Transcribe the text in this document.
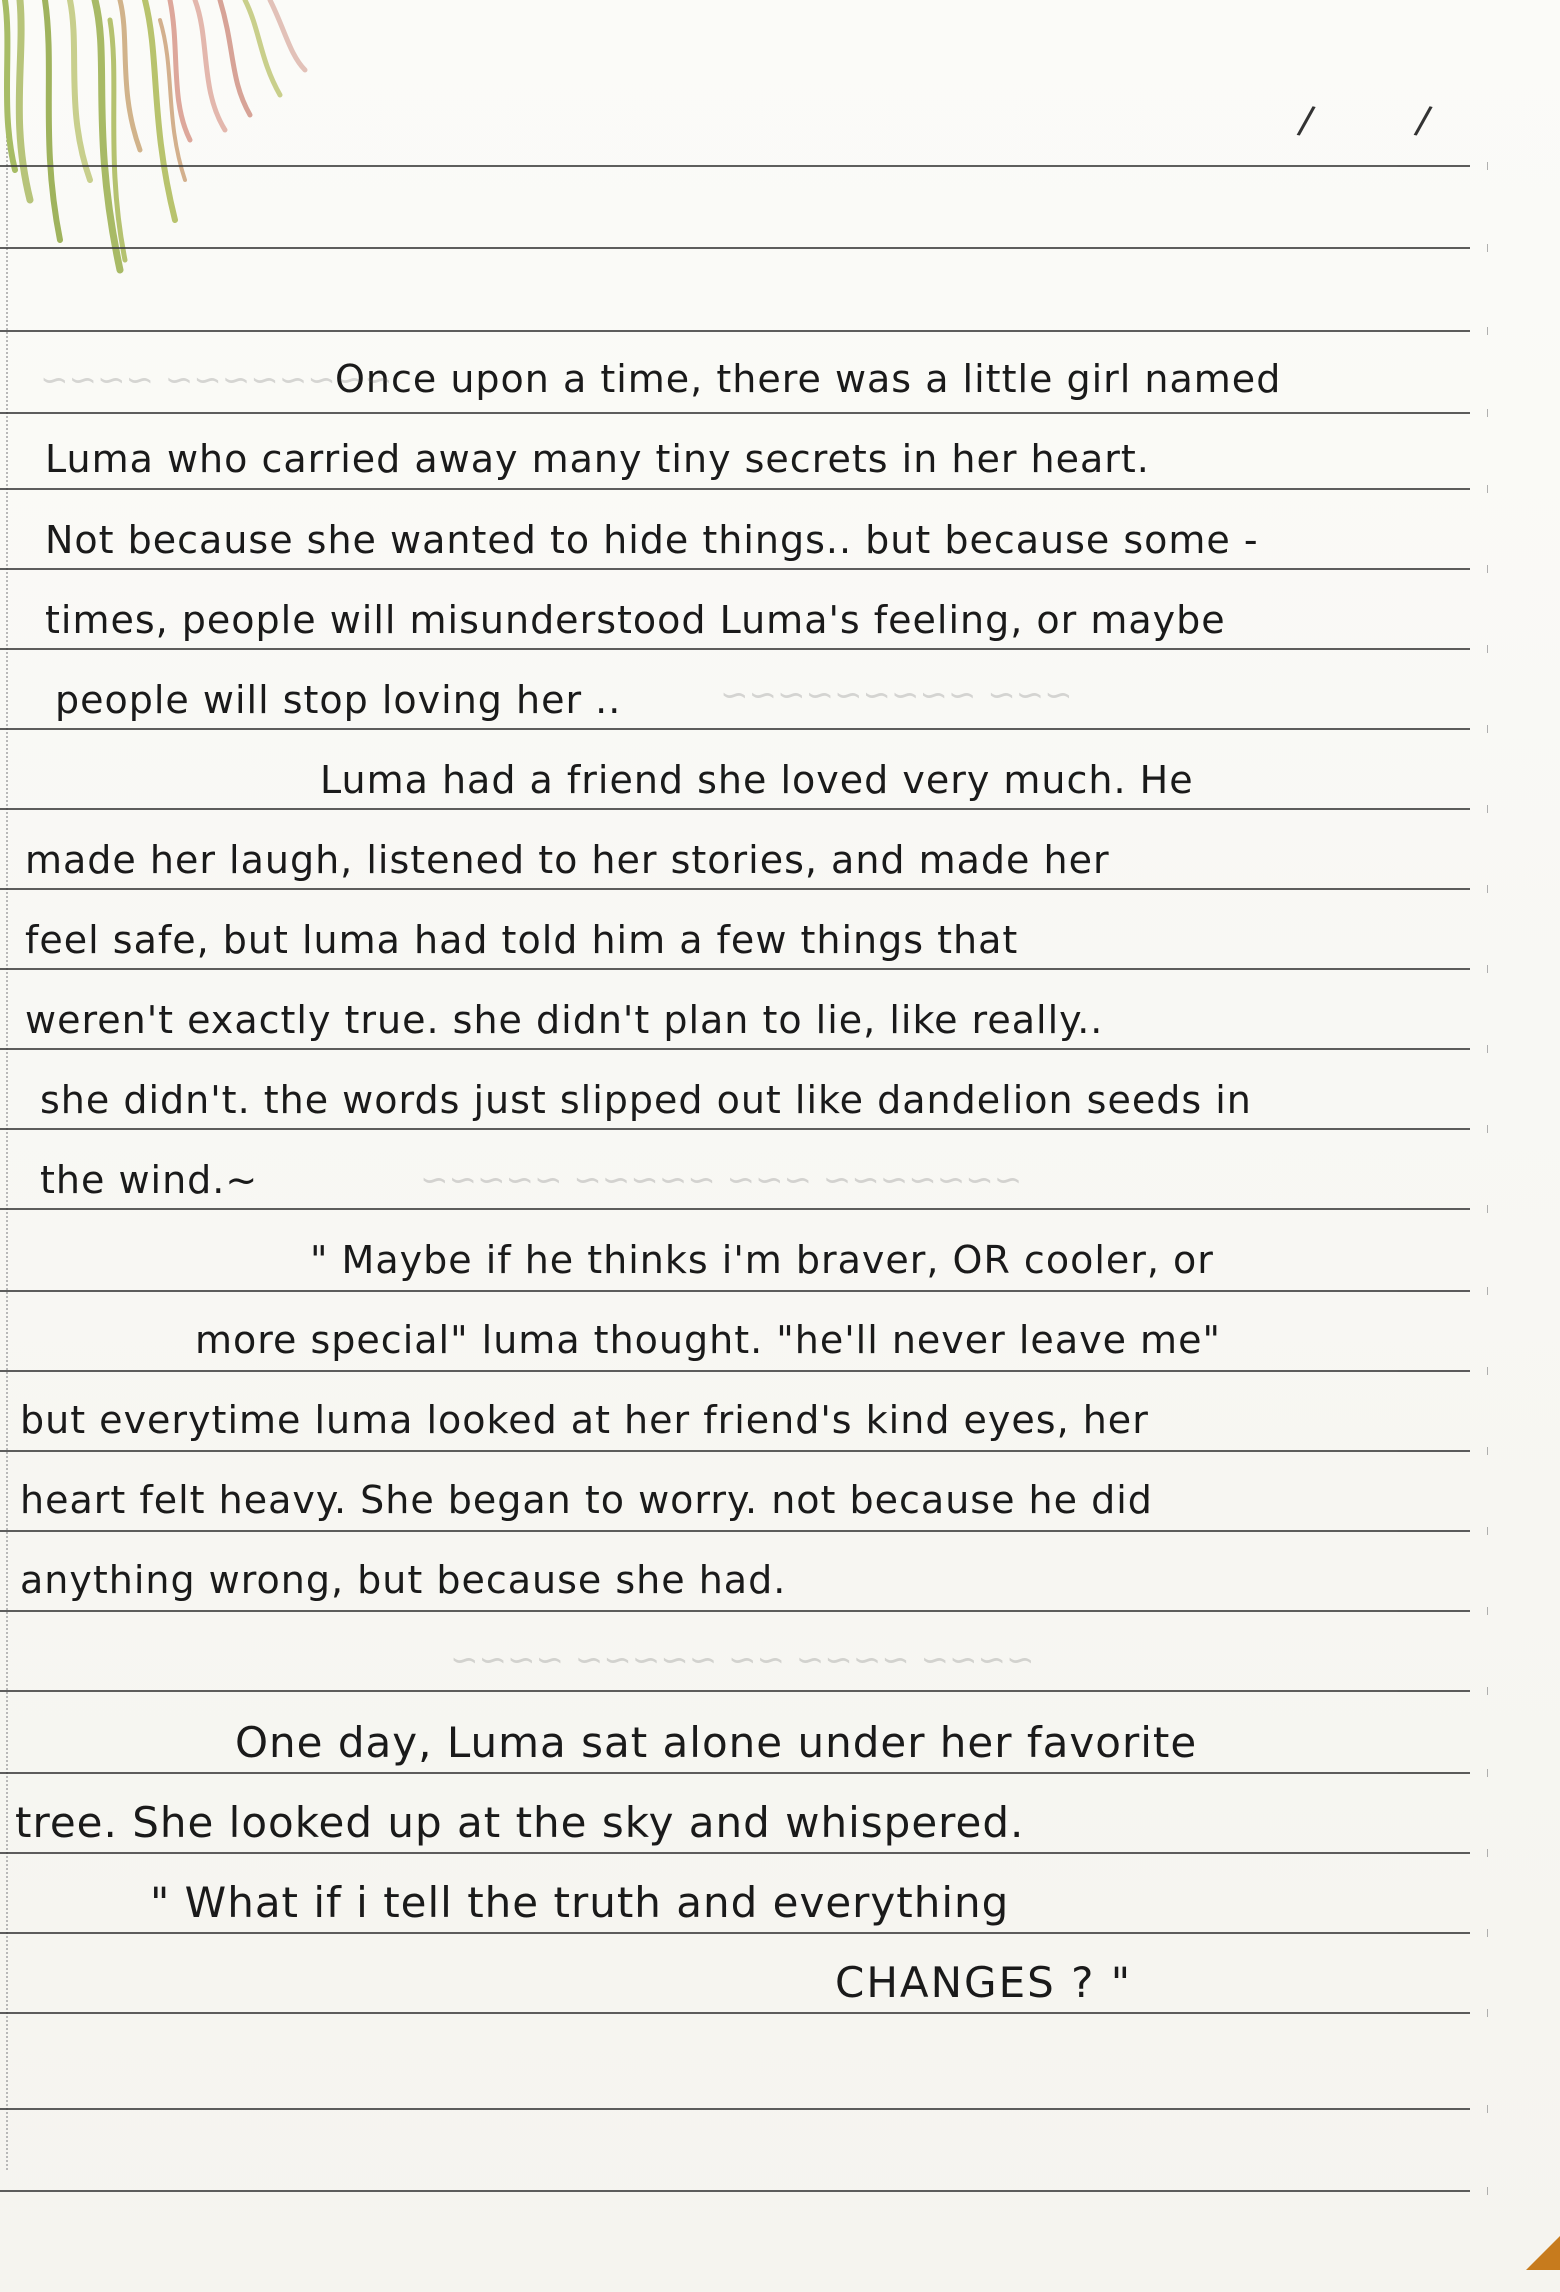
/	/
Once upon a time, there was a little girl named
Luma who carried away many tiny secrets in her heart.
Not because she wanted to hide things.. but because some -
times, people will misunderstood Luma's feeling, or maybe
people will stop loving her ..
Luma had a friend she loved very much. He
made her laugh, listened to her stories, and made her
feel safe, but luma had told him a few things that
weren't exactly true. she didn't plan to lie, like really..
she didn't. the words just slipped out like dandelion seeds in
the wind.~
" Maybe if he thinks i'm braver, OR cooler, or
more special" luma thought. "he'll never leave me"
but everytime luma looked at her friend's kind eyes, her
heart felt heavy. She began to worry. not because he did
anything wrong, but because she had.
One day, Luma sat alone under her favorite
tree. She looked up at the sky and whispered.
" What if i tell the truth and everything
CHANGES ? "
~~~~~~~~ ~~~~
~~~ ~~~~~~~~~
~~~~~~~ ~~~ ~~~~~ ~~~~~
~~~~ ~~~~ ~~ ~~~~~ ~~~~
